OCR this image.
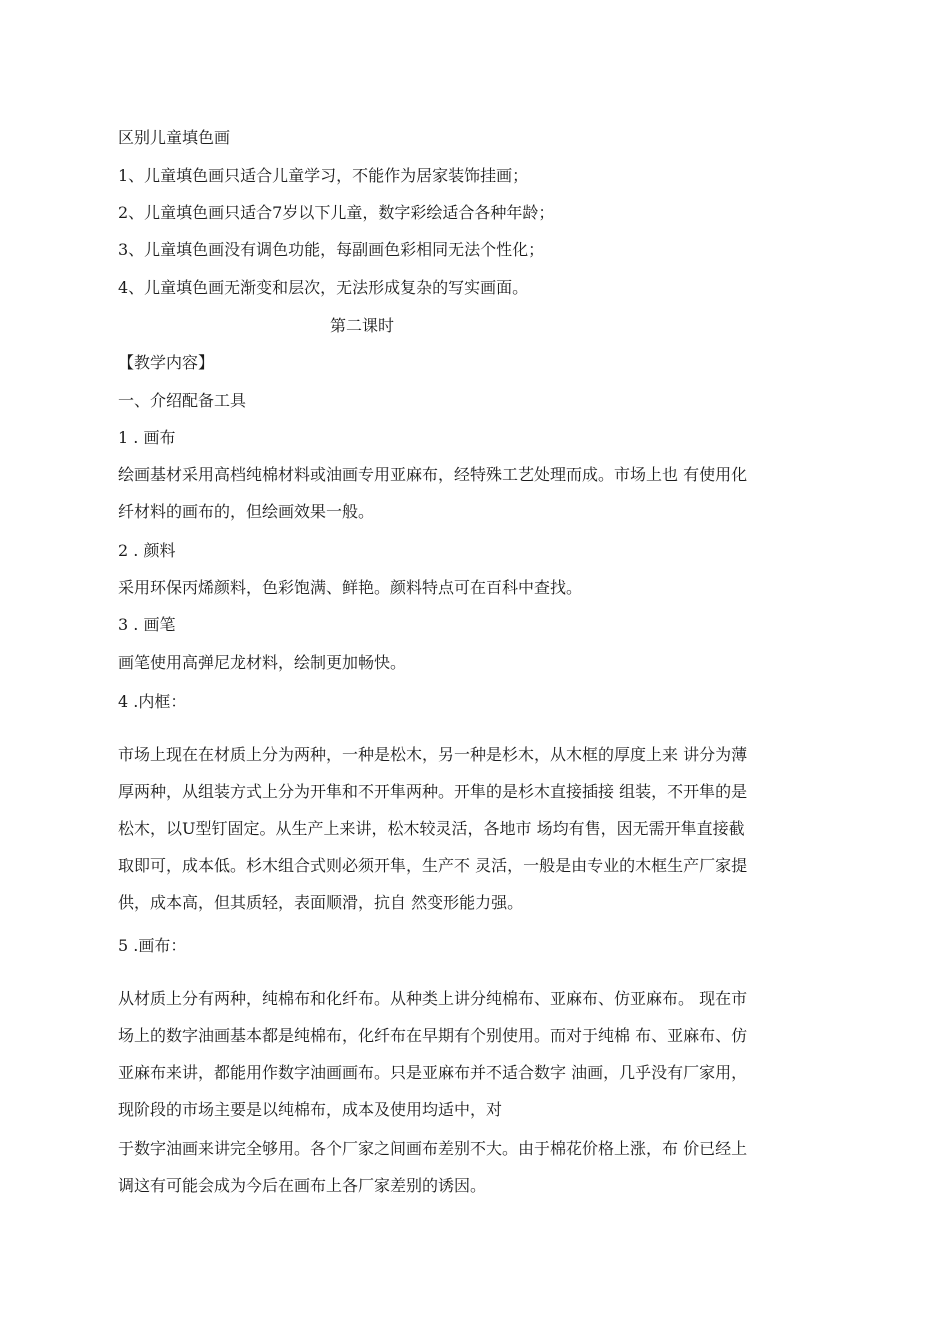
区别儿童填色画
1、儿童填色画只适合儿童学习，不能作为居家装饰挂画；
2、儿童填色画只适合7岁以下儿童，数字彩绘适合各种年龄；
3、儿童填色画没有调色功能，每副画色彩相同无法个性化；
4、儿童填色画无渐变和层次，无法形成复杂的写实画面。
第二课时
【教学内容】
一、介绍配备工具
1 . 画布
绘画基材采用高档纯棉材料或油画专用亚麻布，经特殊工艺处理而成。市场上也 有使用化
纤材料的画布的，但绘画效果一般。
2 . 颜料
采用环保丙烯颜料，色彩饱满、鲜艳。颜料特点可在百科中查找。
3 . 画笔
画笔使用高弹尼龙材料，绘制更加畅快。
4 .内框：
市场上现在在材质上分为两种，一种是松木，另一种是杉木，从木框的厚度上来 讲分为薄
厚两种，从组装方式上分为开隼和不开隼两种。开隼的是杉木直接插接 组装，不开隼的是
松木，以U型钉固定。从生产上来讲，松木较灵活，各地市 场均有售，因无需开隼直接截
取即可，成本低。杉木组合式则必须开隼，生产不 灵活，一般是由专业的木框生产厂家提
供，成本高，但其质轻，表面顺滑，抗自 然变形能力强。
5 .画布：
从材质上分有两种，纯棉布和化纤布。从种类上讲分纯棉布、亚麻布、仿亚麻布。 现在市
场上的数字油画基本都是纯棉布，化纤布在早期有个别使用。而对于纯棉 布、亚麻布、仿
亚麻布来讲，都能用作数字油画画布。只是亚麻布并不适合数字 油画，几乎没有厂家用，
现阶段的市场主要是以纯棉布，成本及使用均适中，对
于数字油画来讲完全够用。各个厂家之间画布差别不大。由于棉花价格上涨，布 价已经上
调这有可能会成为今后在画布上各厂家差别的诱因。
